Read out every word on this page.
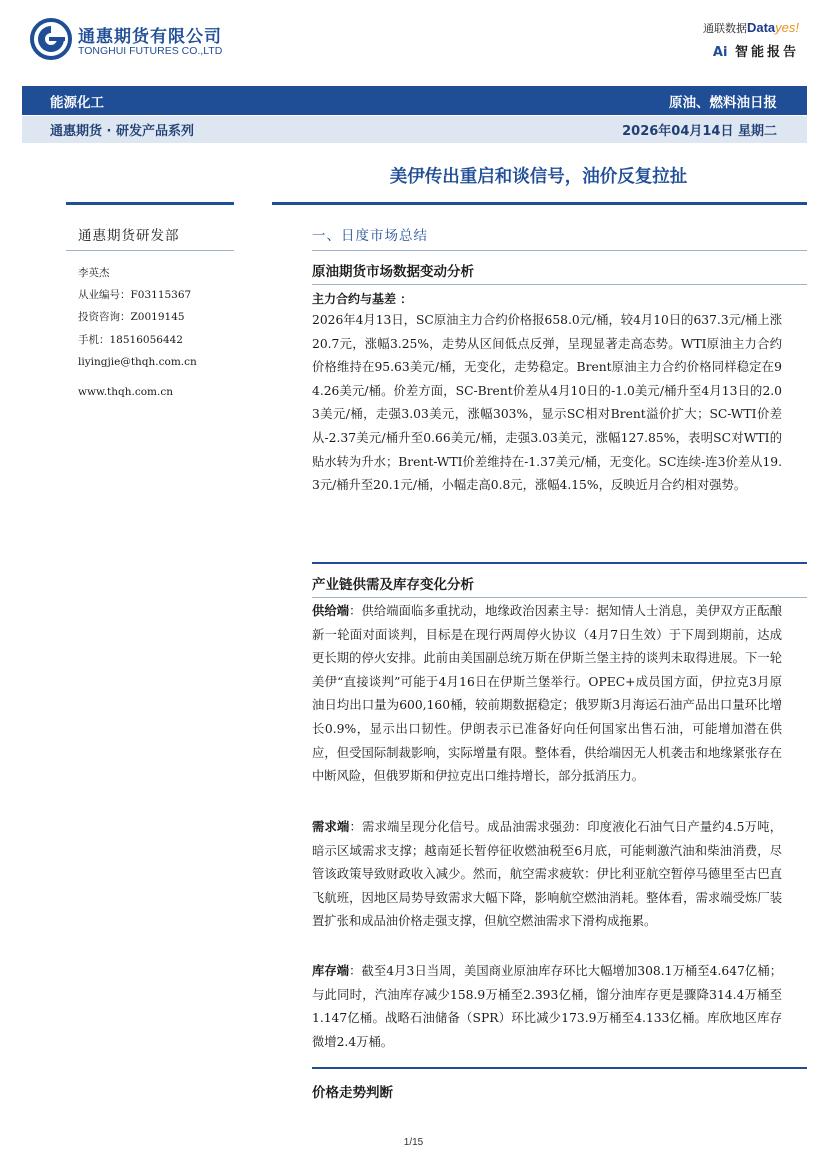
通惠期货有限公司
TONGHUI FUTURES CO.,LTD
通联数据Datayes!
Ai 智能报告
能源化工	原油、燃料油日报
通惠期货 · 研发产品系列	2026年04月14日 星期二
美伊传出重启和谈信号，油价反复拉扯
通惠期货研发部
李英杰
从业编号：F03115367
投资咨询：Z0019145
手机：18516056442
liyingjie@thqh.com.cn
www.thqh.com.cn
一、日度市场总结
原油期货市场数据变动分析
主力合约与基差 ：
2026年4月13日，SC原油主力合约价格报658.0元/桶，较4月10日的637.3元/桶上涨20.7元，涨幅3.25%，走势从区间低点反弹，呈现显著走高态势。WTI原油主力合约价格维持在95.63美元/桶，无变化，走势稳定。Brent原油主力合约价格同样稳定在94.26美元/桶。价差方面，SC-Brent价差从4月10日的-1.0美元/桶升至4月13日的2.03美元/桶，走强3.03美元，涨幅303%，显示SC相对Brent溢价扩大；SC-WTI价差从-2.37美元/桶升至0.66美元/桶，走强3.03美元，涨幅127.85%，表明SC对WTI的贴水转为升水；Brent-WTI价差维持在-1.37美元/桶，无变化。SC连续-连3价差从19.3元/桶升至20.1元/桶，小幅走高0.8元，涨幅4.15%，反映近月合约相对强势。
产业链供需及库存变化分析
供给端：供给端面临多重扰动，地缘政治因素主导：据知情人士消息，美伊双方正酝酿新一轮面对面谈判，目标是在现行两周停火协议（4月7日生效）于下周到期前，达成更长期的停火安排。此前由美国副总统万斯在伊斯兰堡主持的谈判未取得进展。下一轮美伊“直接谈判”可能于4月16日在伊斯兰堡举行。OPEC+成员国方面，伊拉克3月原油日均出口量为600,160桶，较前期数据稳定；俄罗斯3月海运石油产品出口量环比增长0.9%，显示出口韧性。伊朗表示已准备好向任何国家出售石油，可能增加潜在供应，但受国际制裁影响，实际增量有限。整体看，供给端因无人机袭击和地缘紧张存在中断风险，但俄罗斯和伊拉克出口维持增长，部分抵消压力。
需求端：需求端呈现分化信号。成品油需求强劲：印度液化石油气日产量约4.5万吨，暗示区域需求支撑；越南延长暂停征收燃油税至6月底，可能刺激汽油和柴油消费，尽管该政策导致财政收入减少。然而，航空需求疲软：伊比利亚航空暂停马德里至古巴直飞航班，因地区局势导致需求大幅下降，影响航空燃油消耗。整体看，需求端受炼厂装置扩张和成品油价格走强支撑，但航空燃油需求下滑构成拖累。
库存端：截至4月3日当周，美国商业原油库存环比大幅增加308.1万桶至4.647亿桶；与此同时，汽油库存减少158.9万桶至2.393亿桶，馏分油库存更是骤降314.4万桶至1.147亿桶。战略石油储备（SPR）环比减少173.9万桶至4.133亿桶。库欣地区库存微增2.4万桶。
价格走势判断
1/15
